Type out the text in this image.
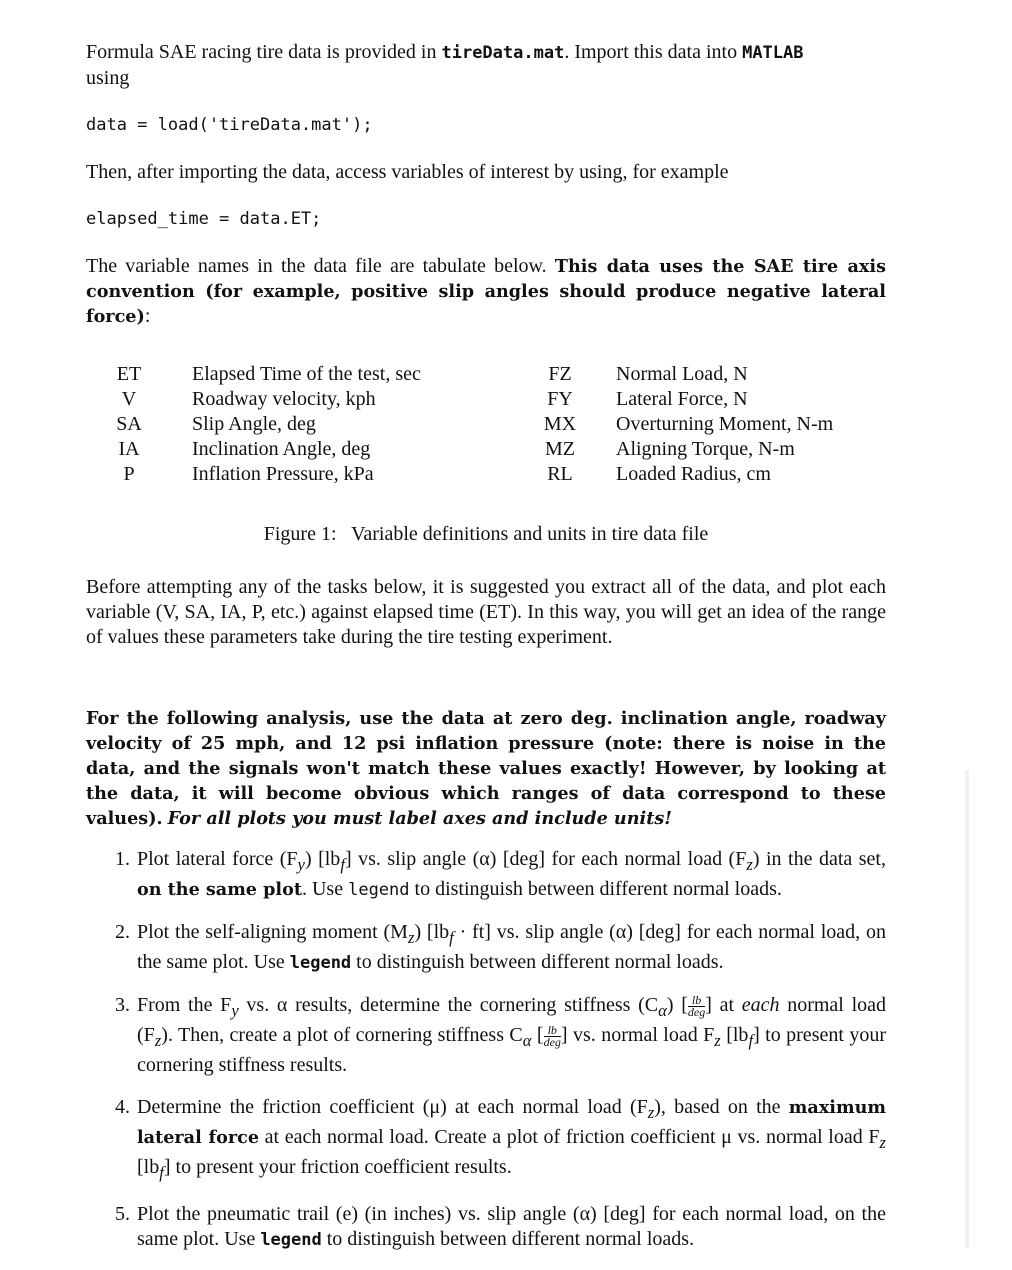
Formula SAE racing tire data is provided in tireData.mat. Import this data into MATLAB
using

data = load('tireData.mat');

Then, after importing the data, access variables of interest by using, for example

elapsed_time = data.ET;

The variable names in the data file are tabulate below. This data uses the SAE tire axis convention (for example, positive slip angles should produce negative lateral force):

ET
V
SA
IA
P
Elapsed Time of the test, sec
Roadway velocity, kph
Slip Angle, deg
Inclination Angle, deg
Inflation Pressure, kPa
FZ
FY
MX
MZ
RL
Normal Load, N
Lateral Force, N
Overturning Moment, N-m
Aligning Torque, N-m
Loaded Radius, cm
Figure 1:   Variable definitions and units in tire data file

Before attempting any of the tasks below, it is suggested you extract all of the data, and plot each variable (V, SA, IA, P, etc.) against elapsed time (ET). In this way, you will get an idea of the range of values these parameters take during the tire testing experiment.

For the following analysis, use the data at zero deg. inclination angle, roadway velocity of 25 mph, and 12 psi inflation pressure (note: there is noise in the data, and the signals won't match these values exactly! However, by looking at the data, it will become obvious which ranges of data correspond to these values). For all plots you must label axes and include units!

1. Plot lateral force $(F_y)$ $[lb_f]$ vs. slip angle (α) [deg] for each normal load $(F_z)$ in the data set, on the same plot. Use legend to distinguish between different normal loads.
2. Plot the self-aligning moment $(M_z) [lb_f \cdot ft]$ vs. slip angle (α) [deg] for each normal load, on the same plot. Use legend to distinguish between different normal loads.
3. From the $F_y$ vs. α results, determine the cornering stiffness $(C_\alpha)$ [ $\frac{lb}{\text{deg}}$ ] at each normal load $(F_z)$. Then, create a plot of cornering stiffness $C_\alpha$ [ $\frac{lb}{\text{deg}}$ ] vs. normal load $F_z$ $[lb_f]$ to present your cornering stiffness results.
4. Determine the friction coefficient (μ) at each normal load $(F_z)$, based on the maximum lateral force at each normal load. Create a plot of friction coefficient μ vs. normal load $F_z$ $[lb_f]$ to present your friction coefficient results.
5. Plot the pneumatic trail (e) (in inches) vs. slip angle (α) [deg] for each normal load, on the same plot. Use legend to distinguish between different normal loads.
